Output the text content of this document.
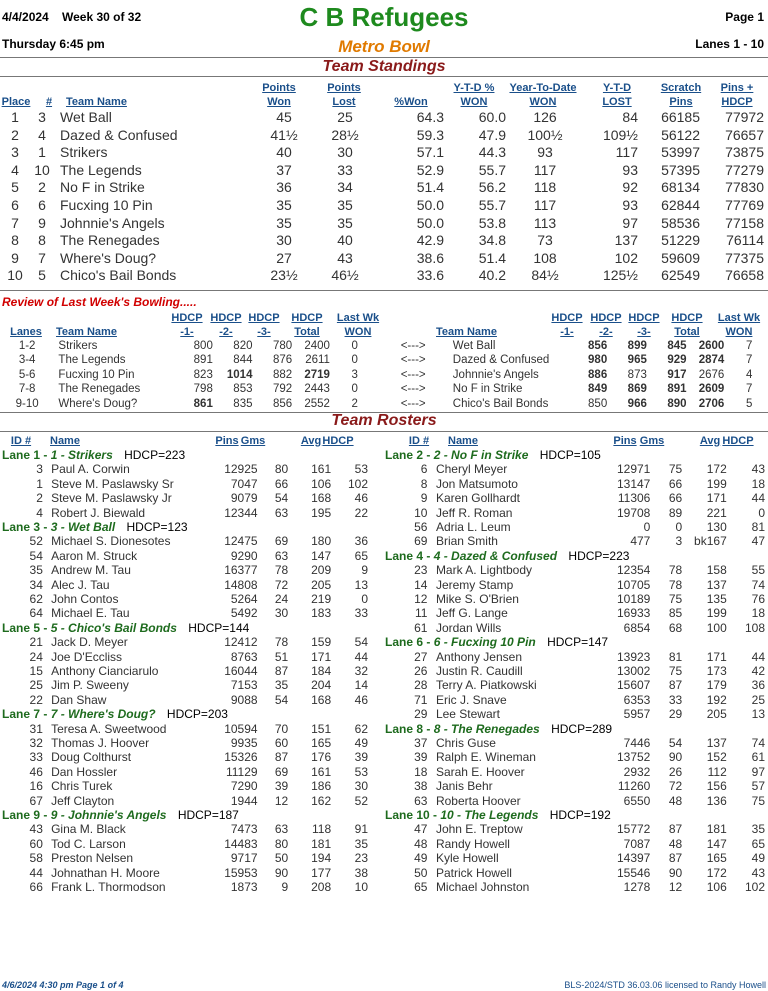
4/4/2024 Week 30 of 32	C B Refugees	Page 1
Thursday 6:45 pm	Metro Bowl	Lanes 1 - 10
Team Standings
Place	#	Team Name
Points Won
Points Lost	%Won
Y-T-D % WON
Year-To-Date WON
Y-T-D LOST
Scratch Pins
Pins + HDCP
1	3	Wet Ball	45	25	64.3	60.0	126	84	66185	77972
2	4	Dazed & Confused	41½	28½	59.3	47.9	100½	109½	56122	76657
3	1	Strikers	40	30	57.1	44.3	93	117	53997	73875
4	10	The Legends	37	33	52.9	55.7	117	93	57395	77279
5	2	No F in Strike	36	34	51.4	56.2	118	92	68134	77830
6	6	Fucxing 10 Pin	35	35	50.0	55.7	117	93	62844	77769
7	9	Johnnie's Angels	35	35	50.0	53.8	113	97	58536	77158
8	8	The Renegades	30	40	42.9	34.8	73	137	51229	76114
9	7	Where's Doug?	27	43	38.6	51.4	108	102	59609	77375
10	5	Chico's Bail Bonds	23½	46½	33.6	40.2	84½	125½	62549	76658
Review of Last Week's Bowling.....
Lanes	Team Name
HDCP -1-
HDCP -2-
HDCP -3-
HDCP Total
Last Wk WON	Team Name
HDCP -1-
HDCP -2-
HDCP -3-
HDCP Total
Last Wk WON
1-2		Strikers	800	820	780	2400	0	<--->	Wet Ball	856	899	845	2600	7
3-4		The Legends	891	844	876	2611	0	<--->	Dazed & Confused	980	965	929	2874	7
5-6		Fucxing 10 Pin	823	1014	882	2719	3	<--->	Johnnie's Angels	886	873	917	2676	4
7-8		The Renegades	798	853	792	2443	0	<--->	No F in Strike	849	869	891	2609	7
9-10		Where's Doug?	861	835	856	2552	2	<--->	Chico's Bail Bonds	850	966	890	2706	5
Team Rosters
ID # Name	Pins Gms	Avg HDCP	ID # Name	Pins Gms	Avg HDCP
Lane 1 - 1 - Strikers HDCP=223
3		Paul A. Corwin	12925	80	161	53
1		Steve M. Paslawsky Sr	7047	66	106	102
2		Steve M. Paslawsky Jr	9079	54	168	46
4		Robert J. Biewald	12344	63	195	22
Lane 3 - 3 - Wet Ball HDCP=123
52		Michael S. Dionesotes	12475	69	180	36
54		Aaron M. Struck	9290	63	147	65
35		Andrew M. Tau	16377	78	209	9
34		Alec J. Tau	14808	72	205	13
62		John Contos	5264	24	219	0
64		Michael E. Tau	5492	30	183	33
Lane 5 - 5 - Chico's Bail Bonds HDCP=144
21		Jack D. Meyer	12412	78	159	54
24		Joe D'Eccliss	8763	51	171	44
15		Anthony Cianciarulo	16044	87	184	32
25		Jim P. Sweeny	7153	35	204	14
22		Dan Shaw	9088	54	168	46
Lane 7 - 7 - Where's Doug? HDCP=203
31		Teresa A. Sweetwood	10594	70	151	62
32		Thomas J. Hoover	9935	60	165	49
33		Doug Colthurst	15326	87	176	39
46		Dan Hossler	11129	69	161	53
16		Chris Turek	7290	39	186	30
67		Jeff Clayton	1944	12	162	52
Lane 9 - 9 - Johnnie's Angels HDCP=187
43		Gina M. Black	7473	63	118	91
60		Tod C. Larson	14483	80	181	35
58		Preston Nelsen	9717	50	194	23
44		Johnathan H. Moore	15953	90	177	38
66		Frank L. Thormodson	1873	9	208	10
Lane 2 - 2 - No F in Strike HDCP=105
6		Cheryl Meyer	12971	75	172	43
8		Jon Matsumoto	13147	66	199	18
9		Karen Gollhardt	11306	66	171	44
10		Jeff R. Roman	19708	89	221	0
56		Adria L. Leum	0	0	130	81
69		Brian Smith	477	3	bk167	47
Lane 4 - 4 - Dazed & Confused HDCP=223
23		Mark A. Lightbody	12354	78	158	55
14		Jeremy Stamp	10705	78	137	74
12		Mike S. O'Brien	10189	75	135	76
11		Jeff G. Lange	16933	85	199	18
61		Jordan Wills	6854	68	100	108
Lane 6 - 6 - Fucxing 10 Pin HDCP=147
27		Anthony Jensen	13923	81	171	44
26		Justin R. Caudill	13002	75	173	42
28		Terry A. Piatkowski	15607	87	179	36
71		Eric J. Snave	6353	33	192	25
29		Lee Stewart	5957	29	205	13
Lane 8 - 8 - The Renegades HDCP=289
37		Chris Guse	7446	54	137	74
39		Ralph E. Wineman	13752	90	152	61
18		Sarah E. Hoover	2932	26	112	97
38		Janis Behr	11260	72	156	57
63		Roberta Hoover	6550	48	136	75
Lane 10 - 10 - The Legends HDCP=192
47		John E. Treptow	15772	87	181	35
48		Randy Howell	7087	48	147	65
49		Kyle Howell	14397	87	165	49
50		Patrick Howell	15546	90	172	43
65		Michael Johnston	1278	12	106	102
4/6/2024 4:30 pm Page 1 of 4	BLS-2024/STD 36.03.06 licensed to Randy Howell
